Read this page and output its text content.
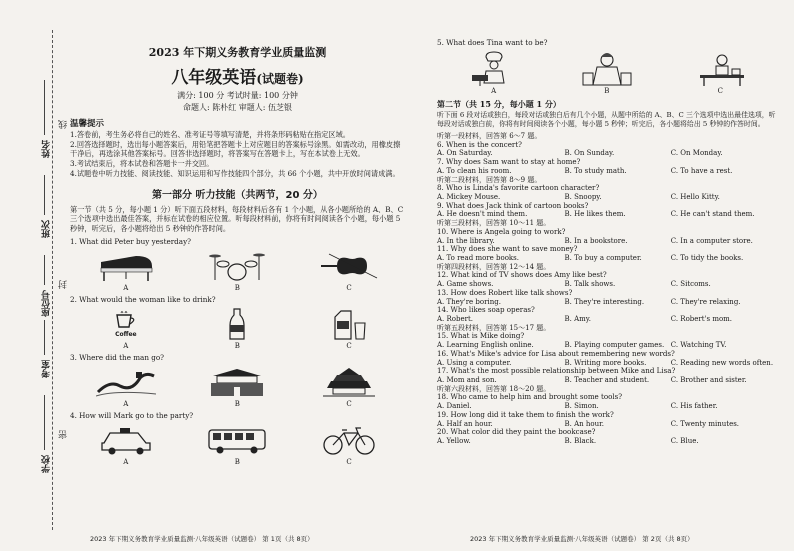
姓名
班次
座位号
考室
学校
线
封
密

2023 年下期义务教育学业质量监测

八年级英语(试题卷)

满分: 100 分 考试时量: 100 分钟

命题人: 陈朴红 审题人: 伍芝银

温馨提示

1.答卷前，考生务必将自己的姓名、准考证号等填写清楚，并将条形码粘贴在指定区域。

2.回答选择题时，选出每小题答案后，用铅笔把答题卡上对应题目的答案标号涂黑。如需改动，用橡皮擦干净后，再选涂其他答案标号。回答非选择题时，将答案写在答题卡上，写在本试卷上无效。

3.考试结束后，将本试卷和答题卡一并交回。

4.试题卷中听力技能、阅读技能、知识运用和写作技能四个部分，共 66 个小题，共中开放时间请成满。

第一部分 听力技能（共两节，20 分）

第一节（共 5 分，每小题 1 分）听下面五段材料，每段材料后各有 1 个小题，从各小题所给的 A、B、C 三个选项中选出最佳答案，并标在试卷的相应位置。听每段材料前，你将有时间阅读各个小题，每小题 5 秒钟，听完后，各小题将给出 5 秒钟的作答时间。

1. What did Peter buy yesterday?

A	B	C

2. What would the woman like to drink?

Coffee
A	B	C

3. Where did the man go?

A	B	C

4. How will Mark go to the party?

A	B	C

5. What does Tina want to be?

A	B	C
第二节（共 15 分，每小题 1 分）

听下面 6 段对话或独白，每段对话或独白后有几个小题，从题中所给的 A、B、C 三个选项中选出最佳选项，听每段对话或独白前，你将有时间阅读各个小题，每小题 5 秒钟；听完后，各小题将给出 5 秒钟的作答时间。

听第一段材料，回答第 6～7 题。

6. When is the concert?

A. On Saturday.	B. On Sunday.	C. On Monday.

7. Why does Sam want to stay at home?

A. To clean his room.	B. To study math.	C. To have a rest.

听第二段材料，回答第 8～9 题。

8. Who is Linda's favorite cartoon character?

A. Mickey Mouse.	B. Snoopy.	C. Hello Kitty.

9. What does Jack think of cartoon books?

A. He doesn't mind them.	B. He likes them.	C. He can't stand them.

听第三段材料，回答第 10～11 题。

10. Where is Angela going to work?

A. In the library.	B. In a bookstore.	C. In a computer store.

11. Why does she want to save money?

A. To read more books.	B. To buy a computer.	C. To tidy the books.

听第四段材料，回答第 12～14 题。

12. What kind of TV shows does Amy like best?

A. Game shows.	B. Talk shows.	C. Sitcoms.

13. How does Robert like talk shows?

A. They're boring.	B. They're interesting.	C. They're relaxing.

14. Who likes soap operas?

A. Robert.	B. Amy.	C. Robert's mom.

听第五段材料，回答第 15～17 题。

15. What is Mike doing?

A. Learning English online.	B. Playing computer games. C. Watching TV.

16. What's Mike's advice for Lisa about remembering new words?

A. Using a computer.	B. Writing more books.	C. Reading new words often.

17. What's the most possible relationship between Mike and Lisa?

A. Mom and son.	B. Teacher and student.	C. Brother and sister.

听第六段材料，回答第 18～20 题。

18. Who came to help him and brought some tools?

A. Daniel.	B. Simon.	C. His father.

19. How long did it take them to finish the work?

A. Half an hour.	B. An hour.	C. Twenty minutes.

20. What color did they paint the bookcase?

A. Yellow.	B. Black.	C. Blue.
2023 年下期义务教育学业质量监测·八年级英语（试题卷） 第 1页（共 8页）	2023 年下期义务教育学业质量监测·八年级英语（试题卷） 第 2页（共 8页）
